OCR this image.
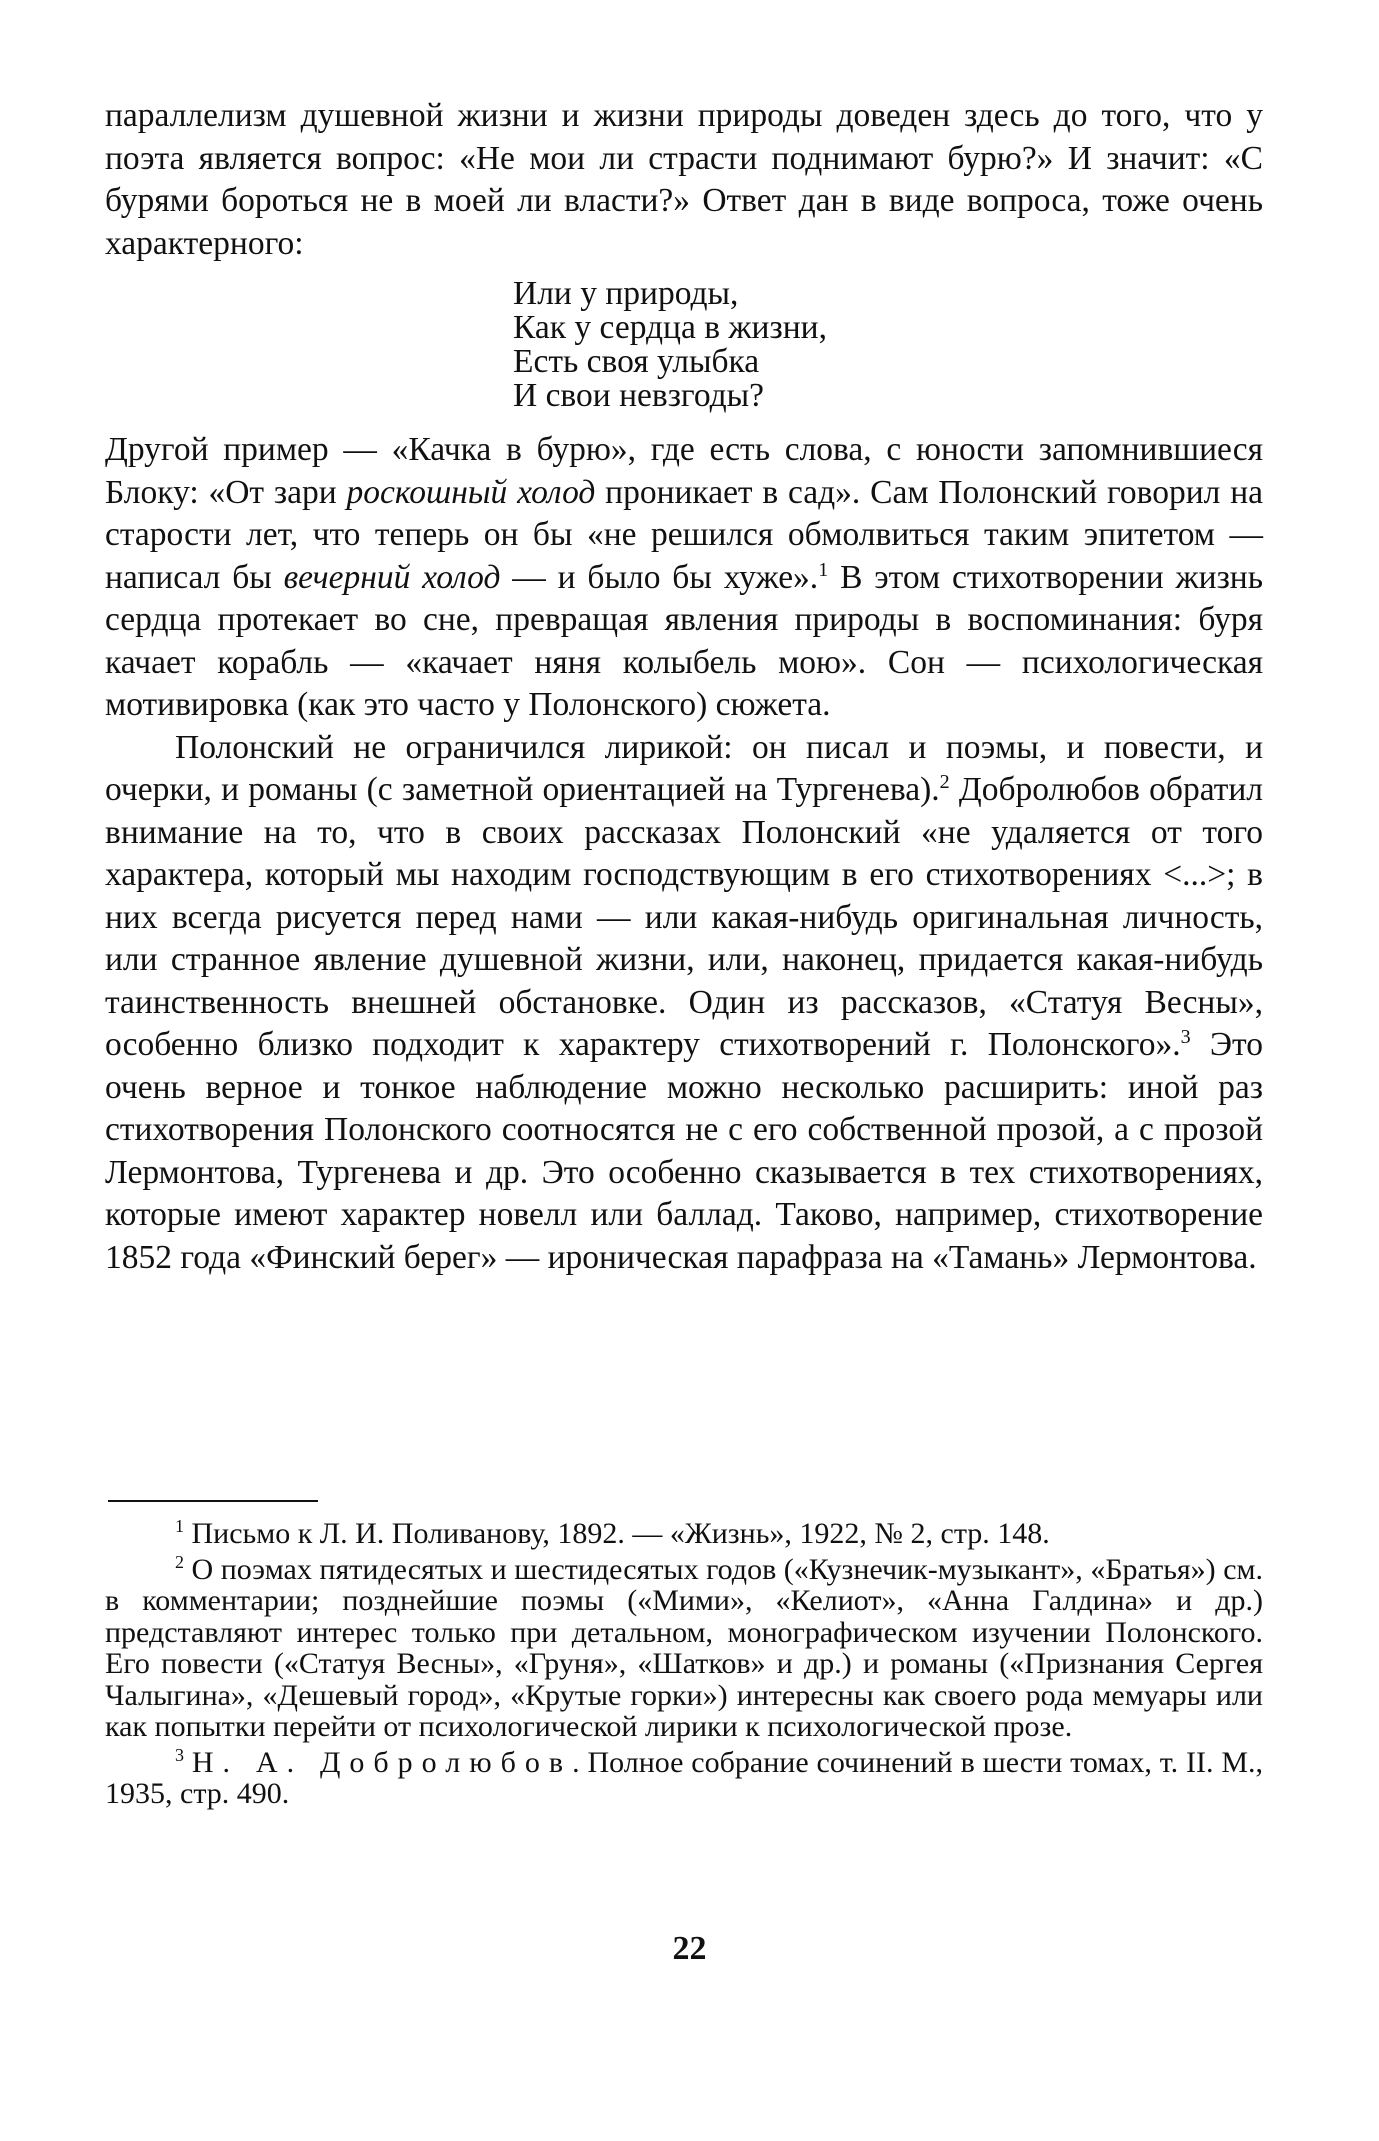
параллелизм душевной жизни и жизни природы доведен здесь до того, что у поэта является вопрос: «Не мои ли страсти поднимают бурю?» И значит: «С бурями бороться не в моей ли власти?» Ответ дан в виде вопроса, тоже очень характерного:

Или у природы,
Как у сердца в жизни,
Есть своя улыбка
И свои невзгоды?

Другой пример — «Качка в бурю», где есть слова, с юности запомнившиеся Блоку: «От зари роскошный холод проникает в сад». Сам Полонский говорил на старости лет, что теперь он бы «не решился обмолвиться таким эпитетом — написал бы вечерний холод — и было бы хуже».$^1$ В этом стихотворении жизнь сердца протекает во сне, превращая явления природы в воспоминания: буря качает корабль — «качает няня колыбель мою». Сон — психологическая мотивировка (как это часто у Полонского) сюжета.

Полонский не ограничился лирикой: он писал и поэмы, и повести, и очерки, и романы (с заметной ориентацией на Тургенева).$^2$ Добролюбов обратил внимание на то, что в своих рассказах Полонский «не удаляется от того характера, который мы находим господствующим в его стихотворениях <...>; в них всегда рисуется перед нами — или какая-нибудь оригинальная личность, или странное явление душевной жизни, или, наконец, придается какая-нибудь таинственность внешней обстановке. Один из рассказов, «Статуя Весны», особенно близко подходит к характеру стихотворений г. Полонского».$^3$ Это очень верное и тонкое наблюдение можно несколько расширить: иной раз стихотворения Полонского соотносятся не с его собственной прозой, а с прозой Лермонтова, Тургенева и др. Это особенно сказывается в тех стихотворениях, которые имеют характер новелл или баллад. Таково, например, стихотворение 1852 года «Финский берег» — ироническая парафраза на «Тамань» Лермонтова.

$^1$ Письмо к Л. И. Поливанову, 1892. — «Жизнь», 1922, № 2, стр. 148.

$^2$ О поэмах пятидесятых и шестидесятых годов («Кузнечик-музыкант», «Братья») см. в комментарии; позднейшие поэмы («Мими», «Келиот», «Анна Галдина» и др.) представляют интерес только при детальном, монографическом изучении Полонского. Его повести («Статуя Весны», «Груня», «Шатков» и др.) и романы («Признания Сергея Чалыгина», «Дешевый город», «Крутые горки») интересны как своего рода мемуары или как попытки перейти от психологической лирики к психологической прозе.

$^3$ Н. А. Добролюбов. Полное собрание сочинений в шести томах, т. II. М., 1935, стр. 490.

22
